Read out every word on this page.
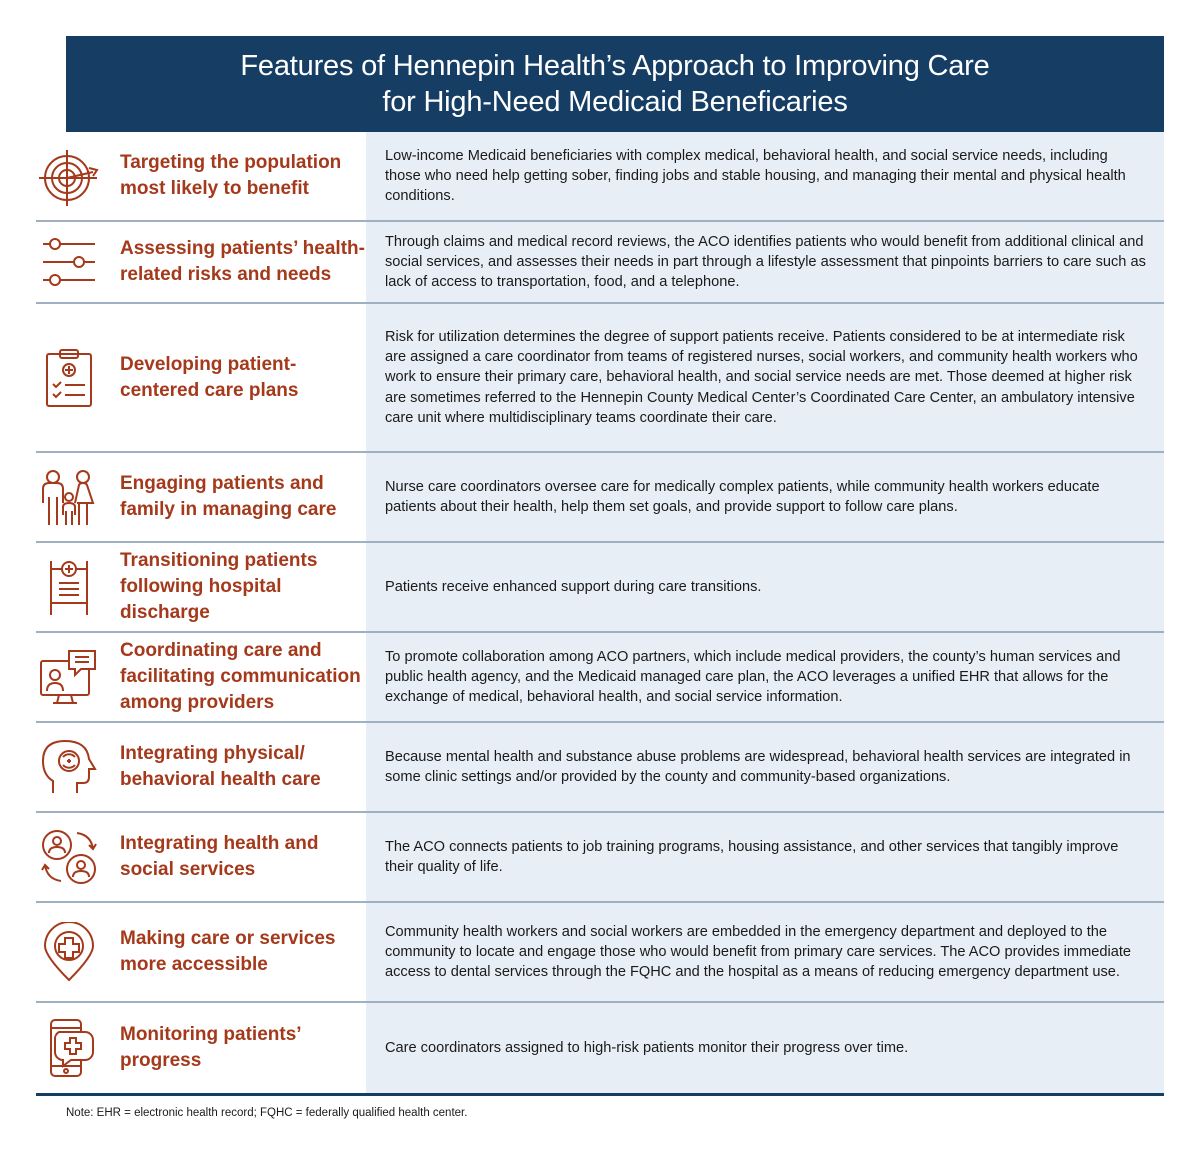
Features of Hennepin Health’s Approach to Improving Care
for High-Need Medicaid Beneficaries
Targeting the population most likely to benefit
Low-income Medicaid beneficiaries with complex medical, behavioral health, and social service needs, including those who need help getting sober, finding jobs and stable housing, and managing their mental and physical health conditions.
Assessing patients’ health-related risks and needs
Through claims and medical record reviews, the ACO identifies patients who would benefit from additional clinical and social services, and assesses their needs in part through a lifestyle assessment that pinpoints barriers to care such as lack of access to transportation, food, and a telephone.
Developing patient-centered care plans
Risk for utilization determines the degree of support patients receive. Patients considered to be at intermediate risk are assigned a care coordinator from teams of registered nurses, social workers, and community health workers who work to ensure their primary care, behavioral health, and social service needs are met. Those deemed at higher risk are sometimes referred to the Hennepin County Medical Center’s Coordinated Care Center, an ambulatory intensive care unit where multidisciplinary teams coordinate their care.
Engaging patients and family in managing care
Nurse care coordinators oversee care for medically complex patients, while community health workers educate patients about their health, help them set goals, and provide support to follow care plans.
Transitioning patients following hospital discharge
Patients receive enhanced support during care transitions.
Coordinating care and facilitating communication among providers
To promote collaboration among ACO partners, which include medical providers, the county’s human services and public health agency, and the Medicaid managed care plan, the ACO leverages a unified EHR that allows for the exchange of medical, behavioral health, and social service information.
Integrating physical/ behavioral health care
Because mental health and substance abuse problems are widespread, behavioral health services are integrated in some clinic settings and/or provided by the county and community-based organizations.
Integrating health and social services
The ACO connects patients to job training programs, housing assistance, and other services that tangibly improve their quality of life.
Making care or services more accessible
Community health workers and social workers are embedded in the emergency department and deployed to the community to locate and engage those who would benefit from primary care services. The ACO provides immediate access to dental services through the FQHC and the hospital as a means of reducing emergency department use.
Monitoring patients’ progress
Care coordinators assigned to high-risk patients monitor their progress over time.
Note: EHR = electronic health record; FQHC = federally qualified health center.
